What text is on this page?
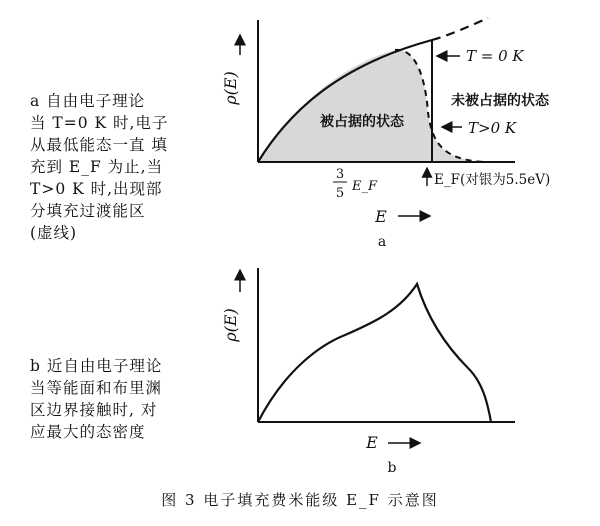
a 自由电子理论
当 T=0 K 时,电子
从最低能态一直 填
充到 E_F 为止,当
T>0 K 时,出现部
分填充过渡能区
(虚线)
b 近自由电子理论
当等能面和布里渊
区边界接触时, 对
应最大的态密度
ρ(E)
被占据的状态
未被占据的状态
T = 0 K
T>0 K
3
5 E_F	E_F(对银为5.5eV)
E
a
ρ(E)
E
b
图 3 电子填充费米能级 E_F 示意图
